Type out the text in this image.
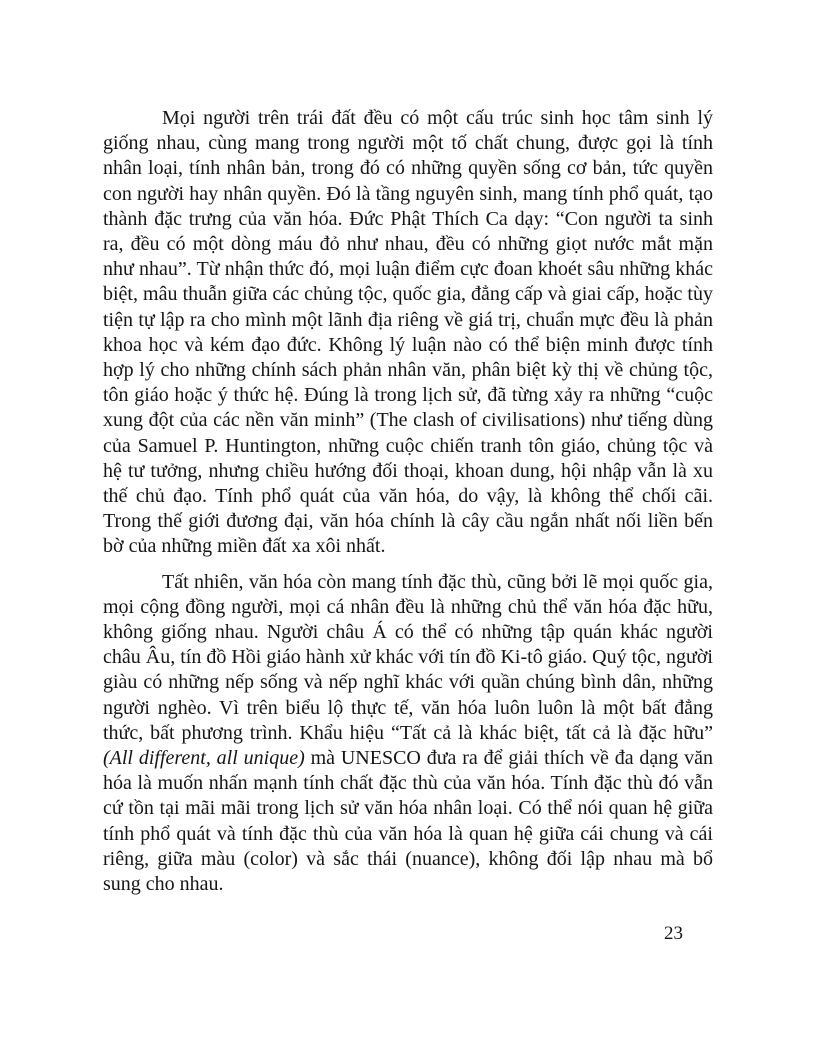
Mọi người trên trái đất đều có một cấu trúc sinh học tâm sinh lý giống nhau, cùng mang trong người một tố chất chung, được gọi là tính nhân loại, tính nhân bản, trong đó có những quyền sống cơ bản, tức quyền con người hay nhân quyền. Đó là tầng nguyên sinh, mang tính phổ quát, tạo thành đặc trưng của văn hóa. Đức Phật Thích Ca dạy: “Con người ta sinh ra, đều có một dòng máu đỏ như nhau, đều có những giọt nước mắt mặn như nhau”. Từ nhận thức đó, mọi luận điểm cực đoan khoét sâu những khác biệt, mâu thuẫn giữa các chủng tộc, quốc gia, đẳng cấp và giai cấp, hoặc tùy tiện tự lập ra cho mình một lãnh địa riêng về giá trị, chuẩn mực đều là phản khoa học và kém đạo đức. Không lý luận nào có thể biện minh được tính hợp lý cho những chính sách phản nhân văn, phân biệt kỳ thị về chủng tộc, tôn giáo hoặc ý thức hệ. Đúng là trong lịch sử, đã từng xảy ra những “cuộc xung đột của các nền văn minh” (The clash of civilisations) như tiếng dùng của Samuel P. Huntington, những cuộc chiến tranh tôn giáo, chủng tộc và hệ tư tưởng, nhưng chiều hướng đối thoại, khoan dung, hội nhập vẫn là xu thế chủ đạo. Tính phổ quát của văn hóa, do vậy, là không thể chối cãi. Trong thế giới đương đại, văn hóa chính là cây cầu ngắn nhất nối liền bến bờ của những miền đất xa xôi nhất.

Tất nhiên, văn hóa còn mang tính đặc thù, cũng bởi lẽ mọi quốc gia, mọi cộng đồng người, mọi cá nhân đều là những chủ thể văn hóa đặc hữu, không giống nhau. Người châu Á có thể có những tập quán khác người châu Âu, tín đồ Hồi giáo hành xử khác với tín đồ Ki-tô giáo. Quý tộc, người giàu có những nếp sống và nếp nghĩ khác với quần chúng bình dân, những người nghèo. Vì trên biểu lộ thực tế, văn hóa luôn luôn là một bất đẳng thức, bất phương trình. Khẩu hiệu “Tất cả là khác biệt, tất cả là đặc hữu” (All different, all unique) mà UNESCO đưa ra để giải thích về đa dạng văn hóa là muốn nhấn mạnh tính chất đặc thù của văn hóa. Tính đặc thù đó vẫn cứ tồn tại mãi mãi trong lịch sử văn hóa nhân loại. Có thể nói quan hệ giữa tính phổ quát và tính đặc thù của văn hóa là quan hệ giữa cái chung và cái riêng, giữa màu (color) và sắc thái (nuance), không đối lập nhau mà bổ sung cho nhau.

23
